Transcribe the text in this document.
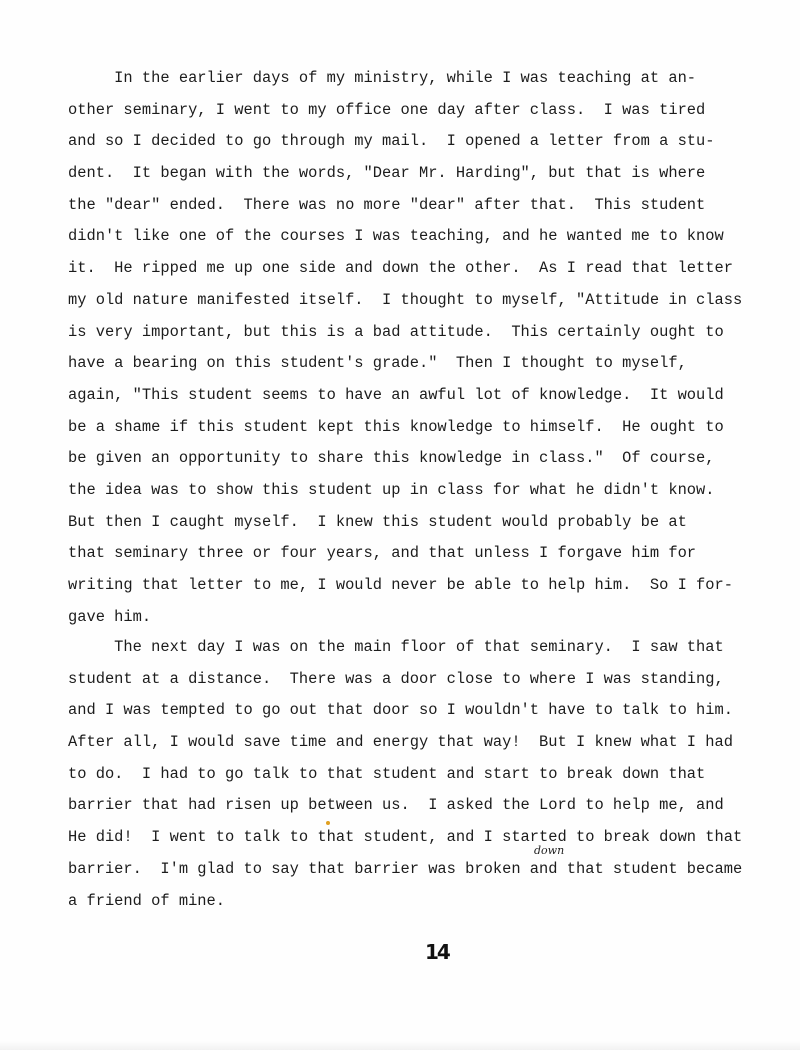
In the earlier days of my ministry, while I was teaching at an-
other seminary, I went to my office one day after class.  I was tired
and so I decided to go through my mail.  I opened a letter from a stu-
dent.  It began with the words, "Dear Mr. Harding", but that is where
the "dear" ended.  There was no more "dear" after that.  This student
didn't like one of the courses I was teaching, and he wanted me to know
it.  He ripped me up one side and down the other.  As I read that letter
my old nature manifested itself.  I thought to myself, "Attitude in class
is very important, but this is a bad attitude.  This certainly ought to
have a bearing on this student's grade."  Then I thought to myself,
again, "This student seems to have an awful lot of knowledge.  It would
be a shame if this student kept this knowledge to himself.  He ought to
be given an opportunity to share this knowledge in class."  Of course,
the idea was to show this student up in class for what he didn't know.
But then I caught myself.  I knew this student would probably be at
that seminary three or four years, and that unless I forgave him for
writing that letter to me, I would never be able to help him.  So I for-
gave him.
The next day I was on the main floor of that seminary.  I saw that
student at a distance.  There was a door close to where I was standing,
and I was tempted to go out that door so I wouldn't have to talk to him.
After all, I would save time and energy that way!  But I knew what I had
to do.  I had to go talk to that student and start to break down that
barrier that had risen up between us.  I asked the Lord to help me, and
He did!  I went to talk to that student, and I started to break down that
barrier.  I'm glad to say that barrier was broken and that student became
a friend of mine.
down
14
